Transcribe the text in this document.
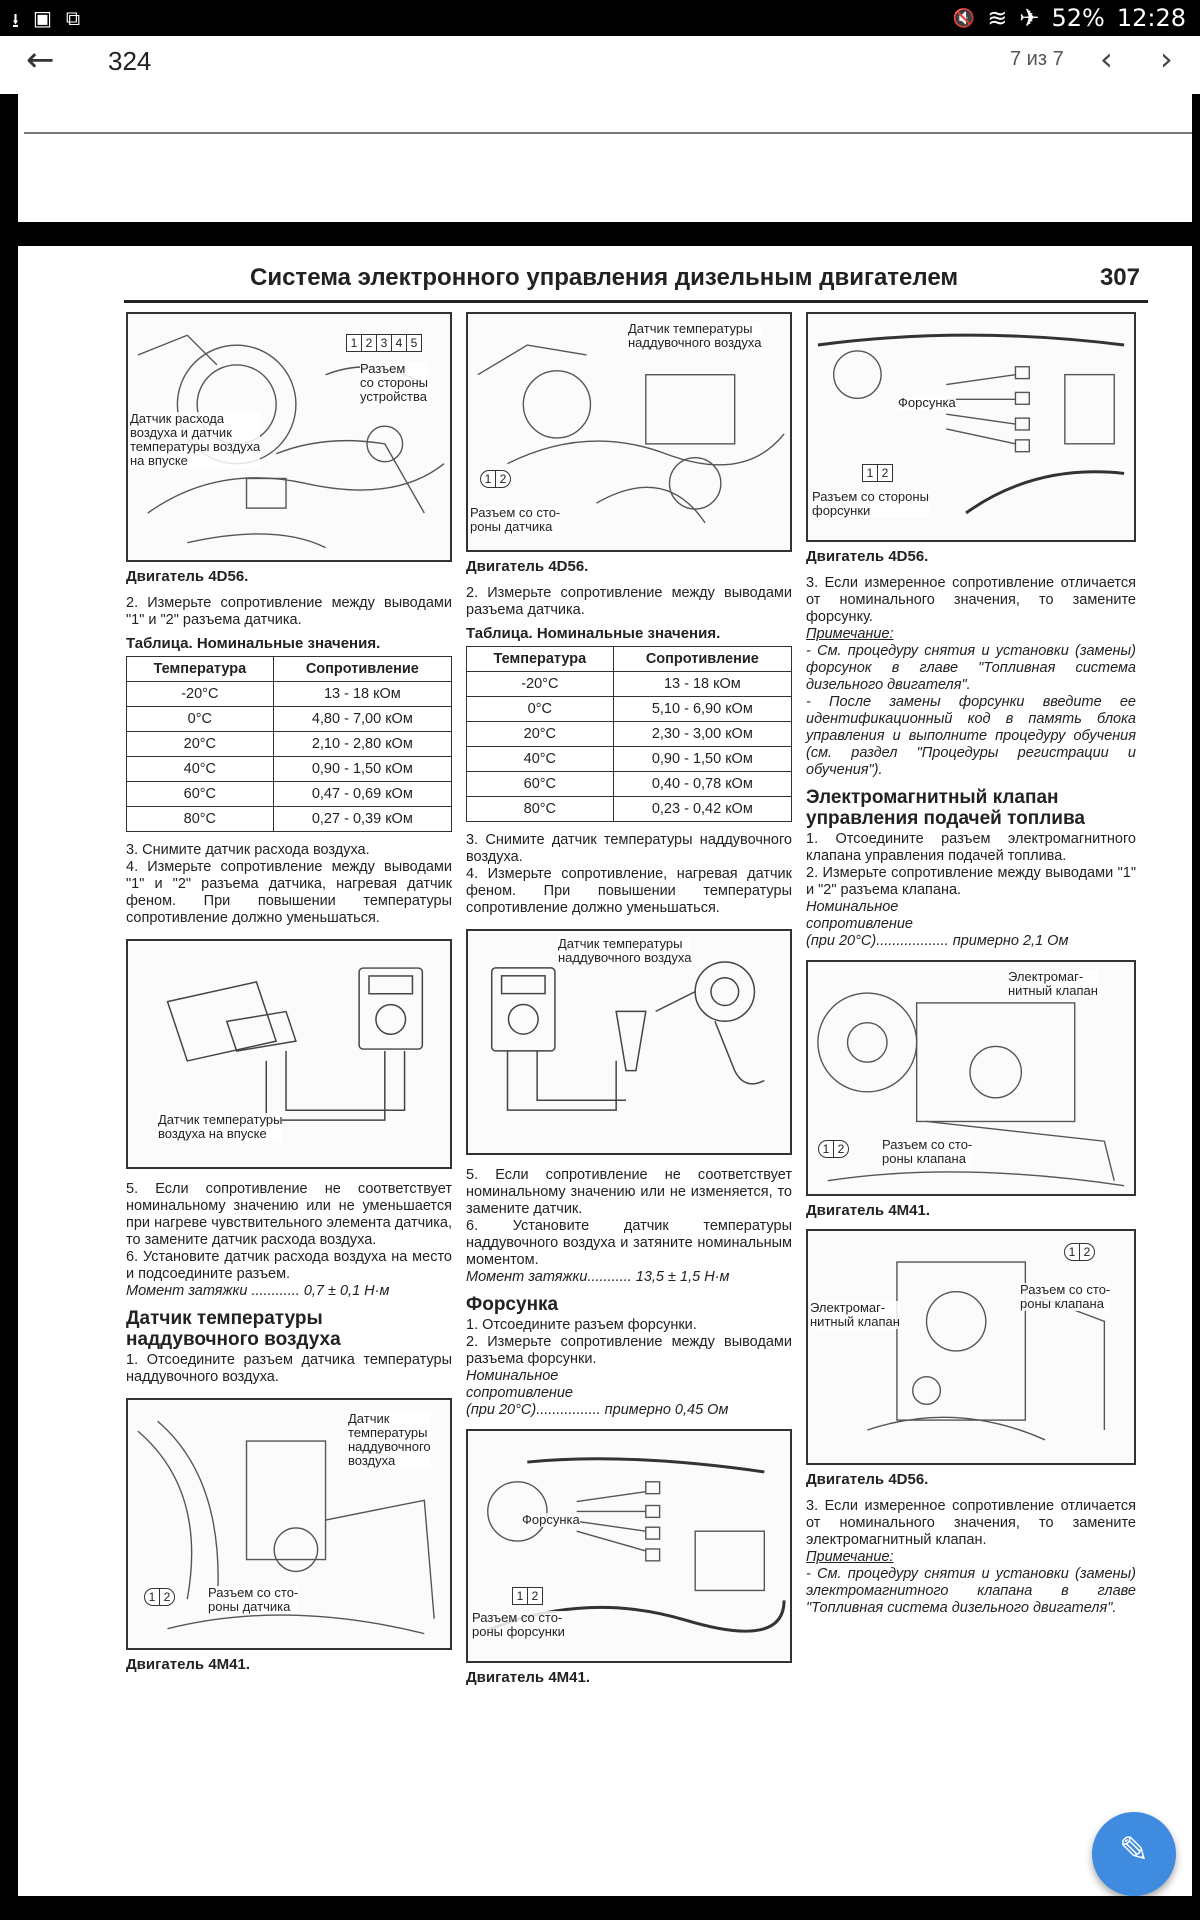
⭳ ▣ ⧉	🔇 ≋ ✈ 52% 12:28
← 324	7 из 7 ‹ ›
Система электронного управления дизельным двигателем	307
1 2 3 4 5
Разъем
со стороны
устройства
Датчик расхода
воздуха и датчик
температуры воздуха
на впуске
Двигатель 4D56.

2. Измерьте сопротивление между выводами "1" и "2" разъема датчика.

Таблица. Номинальные значения.
Температура	Сопротивление
-20°C	13 - 18 кОм
0°C	4,80 - 7,00 кОм
20°C	2,10 - 2,80 кОм
40°C	0,90 - 1,50 кОм
60°C	0,47 - 0,69 кОм
80°C	0,27 - 0,39 кОм

3. Снимите датчик расхода воздуха.

4. Измерьте сопротивление между выводами "1" и "2" разъема датчика, нагревая датчик феном. При повышении температуры сопротивление должно уменьшаться.

Датчик температуры
воздуха на впуске

5. Если сопротивление не соответствует номинальному значению или не уменьшается при нагреве чувствительного элемента датчика, то замените датчик расхода воздуха.

6. Установите датчик расхода воздуха на место и подсоедините разъем.

Момент затяжки ............ 0,7 ± 0,1 Н·м

Датчик температуры наддувочного воздуха

1. Отсоедините разъем датчика температуры наддувочного воздуха.

Датчик
температуры
наддувочного
воздуха
1 2	Разъем со сто-
роны датчика
Двигатель 4M41.
Датчик температуры
наддувочного воздуха
1 2
Разъем со сто-
роны датчика
Двигатель 4D56.

2. Измерьте сопротивление между выводами разъема датчика.

Таблица. Номинальные значения.
Температура	Сопротивление
-20°C	13 - 18 кОм
0°C	5,10 - 6,90 кОм
20°C	2,30 - 3,00 кОм
40°C	0,90 - 1,50 кОм
60°C	0,40 - 0,78 кОм
80°C	0,23 - 0,42 кОм

3. Снимите датчик температуры наддувочного воздуха.

4. Измерьте сопротивление, нагревая датчик феном. При повышении температуры сопротивление должно уменьшаться.

Датчик температуры
наддувочного воздуха

5. Если сопротивление не соответствует номинальному значению или не изменяется, то замените датчик.

6. Установите датчик температуры наддувочного воздуха и затяните номинальным моментом.

Момент затяжки........... 13,5 ± 1,5 Н·м

Форсунка

1. Отсоедините разъем форсунки.

2. Измерьте сопротивление между выводами разъема форсунки.

Номинальное
сопротивление
(при 20°С)................ примерно 0,45 Ом

Форсунка
1 2
Разъем со сто-
роны форсунки
Двигатель 4M41.
Форсунка
1 2
Разъем со стороны
форсунки
Двигатель 4D56.

3. Если измеренное сопротивление отличается от номинального значения, то замените форсунку.

Примечание:

- См. процедуру снятия и установки (замены) форсунок в главе "Топливная система дизельного двигателя".

- После замены форсунки введите ее идентификационный код в память блока управления и выполните процедуру обучения (см. раздел "Процедуры регистрации и обучения").

Электромагнитный клапан управления подачей топлива

1. Отсоедините разъем электромагнитного клапана управления подачей топлива.

2. Измерьте сопротивление между выводами "1" и "2" разъема клапана.

Номинальное
сопротивление
(при 20°С).................. примерно 2,1 Ом

Электромаг-
нитный клапан
1 2	Разъем со сто-
роны клапана
Двигатель 4M41.
1 2
Разъем со сто-
роны клапана
Электромаг-
нитный клапан
Двигатель 4D56.

3. Если измеренное сопротивление отличается от номинального значения, то замените электромагнитный клапан.

Примечание:

- См. процедуру снятия и установки (замены) электромагнитного клапана в главе "Топливная система дизельного двигателя".

✎
